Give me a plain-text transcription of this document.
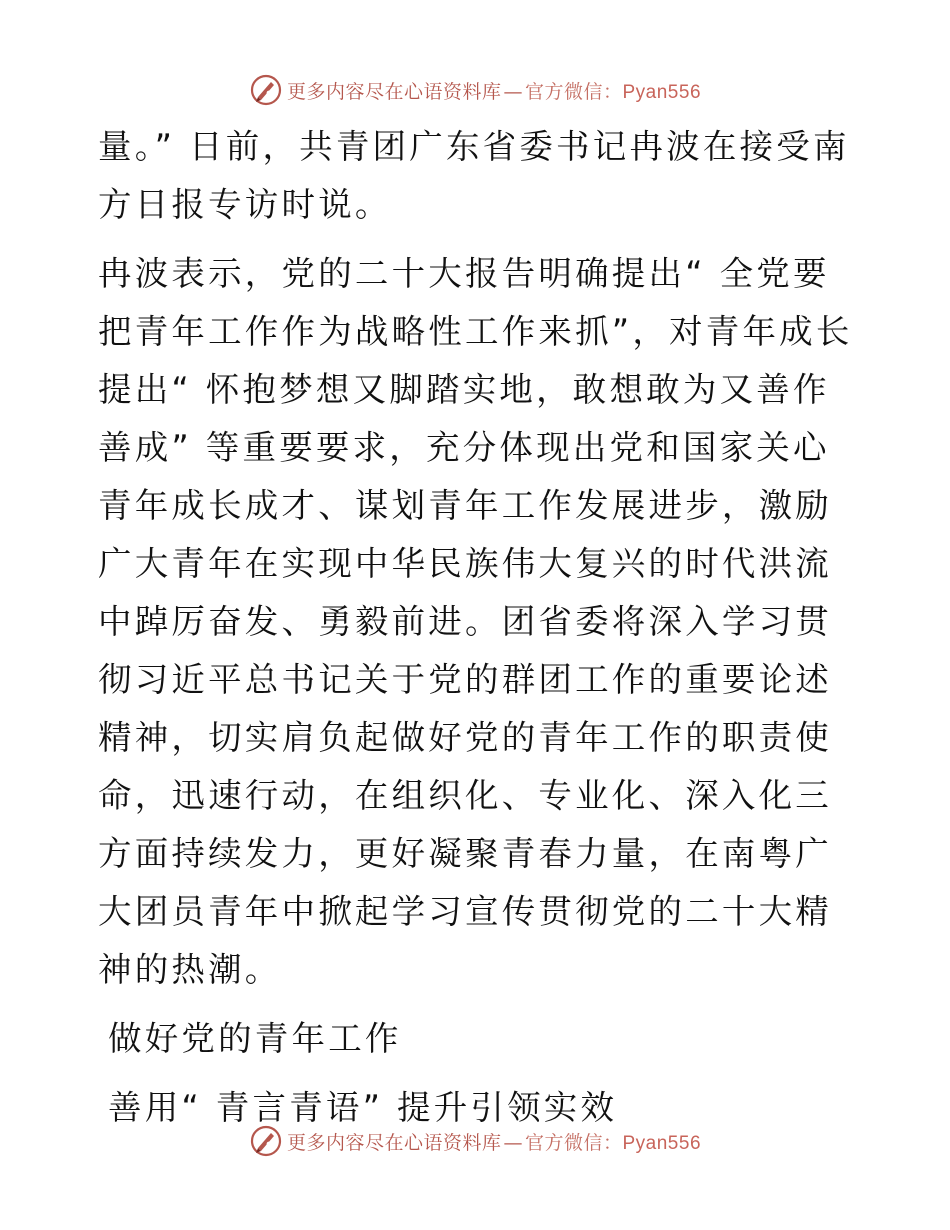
更多内容尽在心语资料库 — 官方微信：Pyan556

量。” 日前，共青团广东省委书记冉波在接受南方日报专访时说。

冉波表示，党的二十大报告明确提出“ 全党要把青年工作作为战略性工作来抓”，对青年成长提出“ 怀抱梦想又脚踏实地，敢想敢为又善作善成” 等重要要求，充分体现出党和国家关心青年成长成才、谋划青年工作发展进步，激励广大青年在实现中华民族伟大复兴的时代洪流中踔厉奋发、勇毅前进。团省委将深入学习贯彻习近平总书记关于党的群团工作的重要论述精神，切实肩负起做好党的青年工作的职责使命，迅速行动，在组织化、专业化、深入化三方面持续发力，更好凝聚青春力量，在南粤广大团员青年中掀起学习宣传贯彻党的二十大精神的热潮。

做好党的青年工作

善用“ 青言青语” 提升引领实效

更多内容尽在心语资料库 — 官方微信：Pyan556
